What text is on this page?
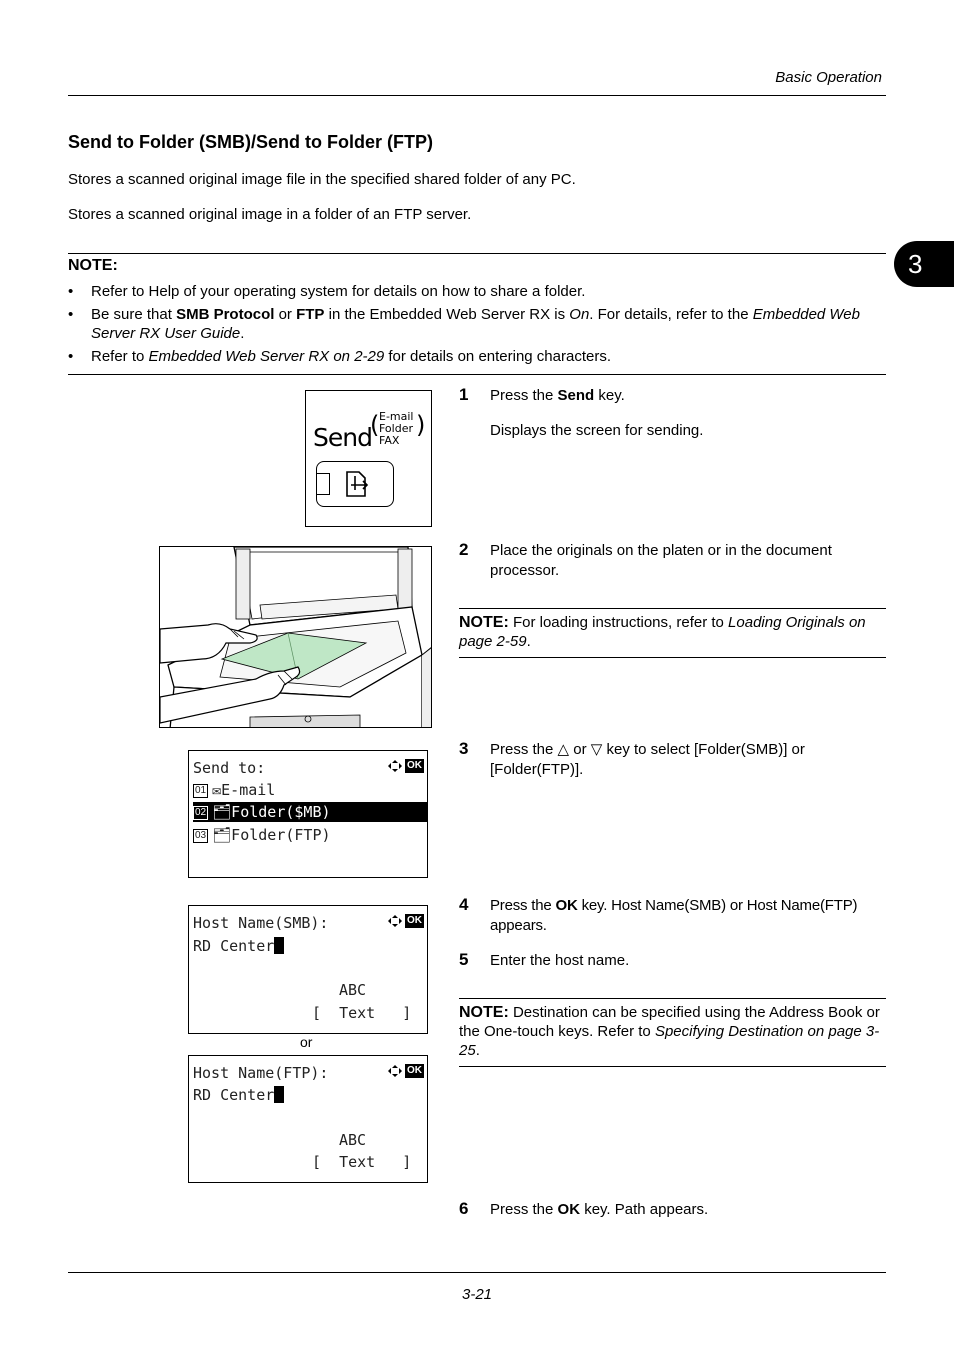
Basic Operation
3
Send to Folder (SMB)/Send to Folder (FTP)
Stores a scanned original image file in the specified shared folder of any PC.
Stores a scanned original image in a folder of an FTP server.
NOTE:
• Refer to Help of your operating system for details on how to share a folder.
• Be sure that SMB Protocol or FTP in the Embedded Web Server RX is On. For details, refer to the Embedded Web Server RX User Guide.
• Refer to Embedded Web Server RX on 2-29 for details on entering characters.
Send
( E-mail
Folder
FAX
)
1 Press the Send key.
Displays the screen for sending.
2 Place the originals on the platen or in the document processor.
NOTE: For loading instructions, refer to Loading Originals on page 2-59.
Send to:	OK
01 ✉E-mail
02 🗂Folder($MB)
03 🗂Folder(FTP)
3 Press the △ or ▽ key to select [Folder(SMB)] or [Folder(FTP)].
Host Name(SMB):	OK
RD Center
ABC
[  Text   ]
or
Host Name(FTP):	OK
RD Center
ABC
[  Text   ]
4 Press the OK key. Host Name(SMB) or Host Name(FTP) appears.
5 Enter the host name.
NOTE: Destination can be specified using the Address Book or the One-touch keys. Refer to Specifying Destination on page 3-25.
6 Press the OK key. Path appears.
3-21
